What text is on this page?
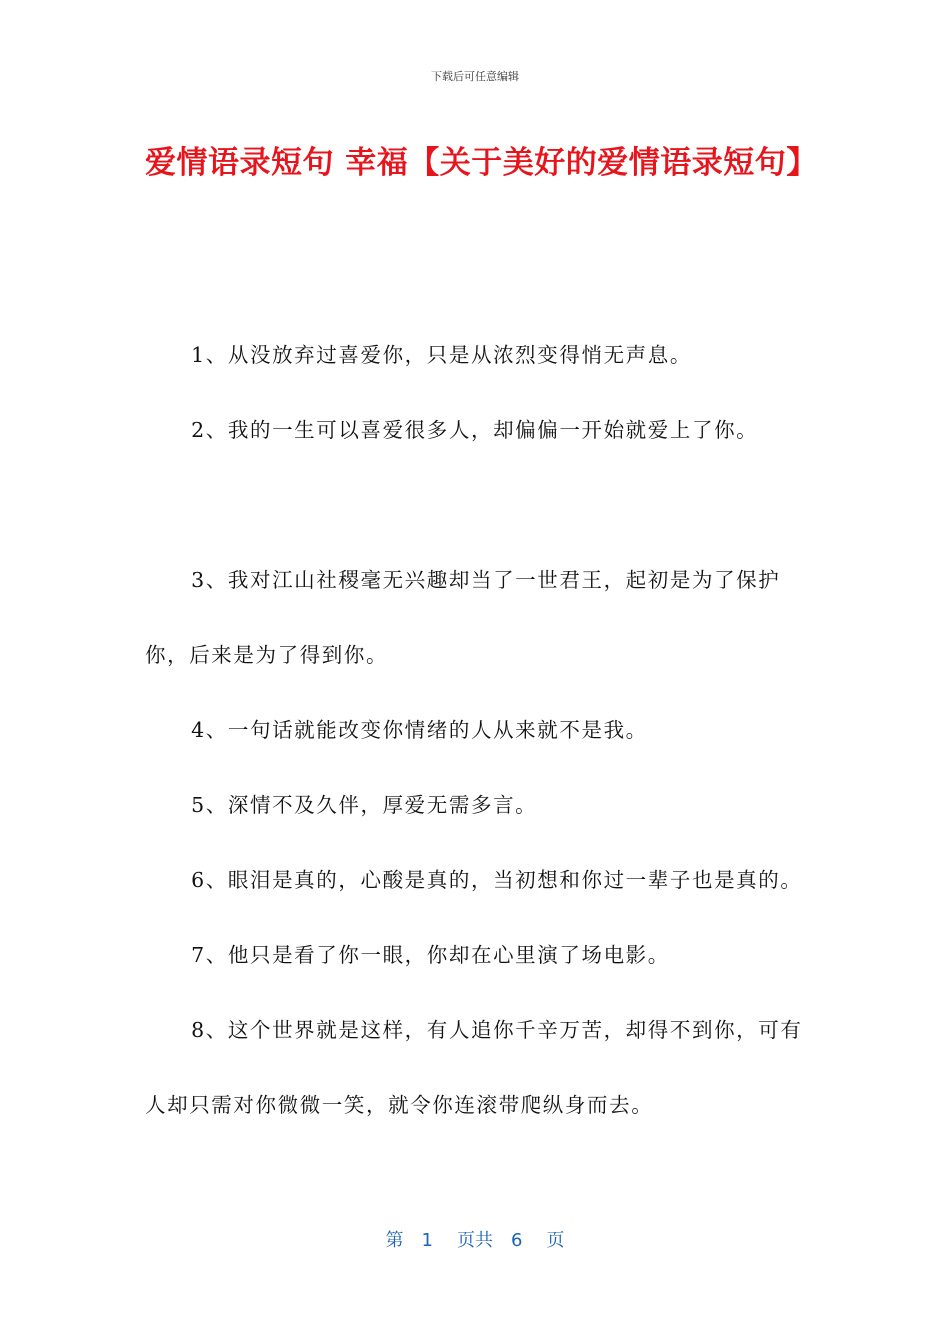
下载后可任意编辑
爱情语录短句 幸福【关于美好的爱情语录短句】

1、从没放弃过喜爱你，只是从浓烈变得悄无声息。

2、我的一生可以喜爱很多人，却偏偏一开始就爱上了你。

3、我对江山社稷毫无兴趣却当了一世君王，起初是为了保护你，后来是为了得到你。

4、一句话就能改变你情绪的人从来就不是我。

5、深情不及久伴，厚爱无需多言。

6、眼泪是真的，心酸是真的，当初想和你过一辈子也是真的。

7、他只是看了你一眼，你却在心里演了场电影。

8、这个世界就是这样，有人追你千辛万苦，却得不到你，可有人却只需对你微微一笑，就令你连滚带爬纵身而去。

第 1 页共 6 页
